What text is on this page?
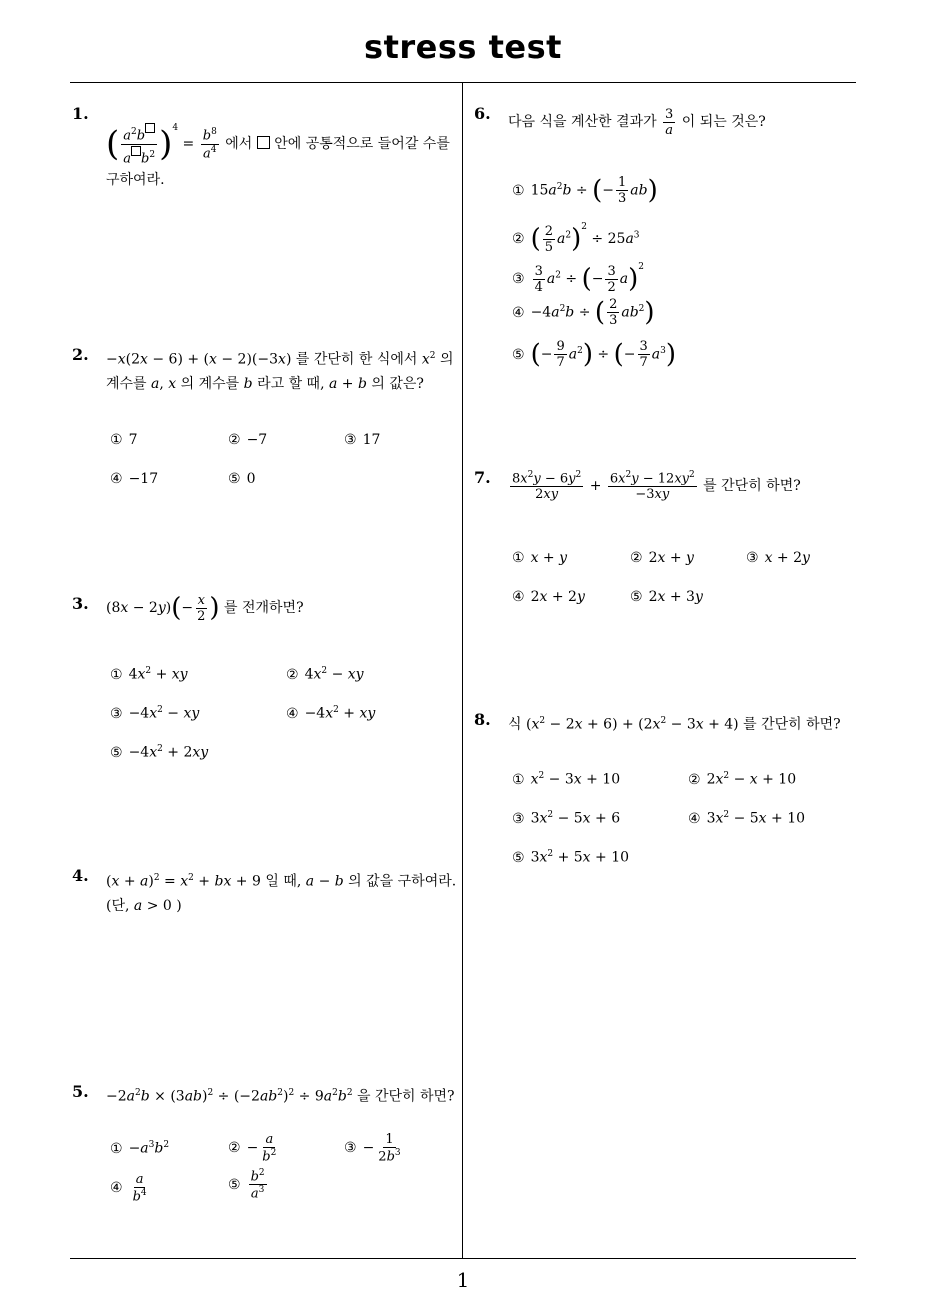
stress test
1
1.
( $\frac{a^2b}{a b^2} )^4 = \frac{b^8}{a^4}$ 에서  안에 공통적으로 들어갈 수를
구하여라.
2. −x(2x − 6) + (x − 2)(−3x) 를 간단히 한 식에서 $x^2$ 의
계수를 a, x 의 계수를 b 라고 할 때, a + b 의 값은?
① 7	② −7	③ 17
④ −17	⑤ 0
3. $(8x - 2y)(- \frac{x}{2}$ ) 를 전개하면?
① $4x^2$ + xy	② $4x^2$ − xy
③ $-4x^2$ − xy	④ $-4x^2$ + xy
⑤ $-4x^2 + 2xy$
4. $(x + a)^2 = x^2$ + bx + 9 일 때, a − b 의 값을 구하여라.
(단, a > 0 )
5. $-2a^2b \times (3ab)^2 \div (-2ab^2)^2 \div 9a^2b^2$ 을 간단히 하면?
① $-a^3b^2$	② − $\frac{a}{b^2}$	③ − $\frac{1}{2b^3}$
④ $\frac{a}{b^4}$	⑤ $\frac{b^2}{a^3}$
6. 다음 식을 계산한 결과가 $\frac{3}{a}$ 이 되는 것은?
① $15a^2b$ ÷ (− $\frac{1}{3} ab$)
② ( $\frac{2}{5} a^2)^2 \div 25a^3$
③ $\frac{3}{4} a^2$ ÷ (− $\frac{3}{2} a)^2$
④ $-4a^2b$ ÷ ( $\frac{2}{3} ab^2$)
⑤ (− $\frac{9}{7} a^2$) ÷ (− $\frac{3}{7} a^3$)
7. $\frac{8x^2y - 6y^2}{2xy} + \frac{6x^2y - 12xy^2}{-3xy}$ 를 간단히 하면?
① x + y	② 2x + y	③ x + 2y
④ 2x + 2y	⑤ 2x + 3y
8. 식 $(x^2 - 2x + 6) + (2x^2 - 3x + 4)$ 를 간단히 하면?
① $x^2 - 3x + 10$	② $2x^2 - x + 10$
③ $3x^2 - 5x + 6$	④ $3x^2 - 5x + 10$
⑤ $3x^2 + 5x + 10$
